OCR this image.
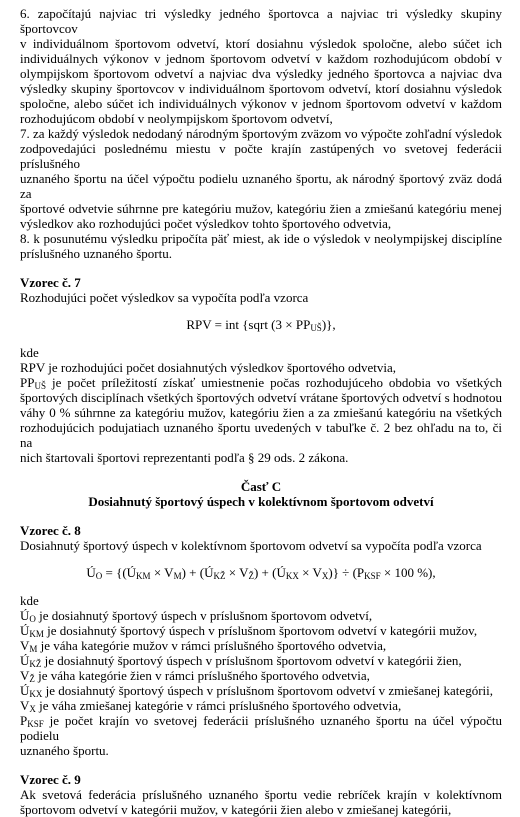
6. započítajú najviac tri výsledky jedného športovca a najviac tri výsledky skupiny športovcov

v individuálnom športovom odvetví, ktorí dosiahnu výsledok spoločne, alebo súčet ich

individuálnych výkonov v jednom športovom odvetví v každom rozhodujúcom období v

olympijskom športovom odvetví a najviac dva výsledky jedného športovca a najviac dva

výsledky skupiny športovcov v individuálnom športovom odvetví, ktorí dosiahnu výsledok

spoločne, alebo súčet ich individuálnych výkonov v jednom športovom odvetví v každom

rozhodujúcom období v neolympijskom športovom odvetví,

7. za každý výsledok nedodaný národným športovým zväzom vo výpočte zohľadní výsledok

zodpovedajúci poslednému miestu v počte krajín zastúpených vo svetovej federácii príslušného

uznaného športu na účel výpočtu podielu uznaného športu, ak národný športový zväz dodá za

športové odvetvie súhrnne pre kategóriu mužov, kategóriu žien a zmiešanú kategóriu menej

výsledkov ako rozhodujúci počet výsledkov tohto športového odvetvia,

8. k posunutému výsledku pripočíta päť miest, ak ide o výsledok v neolympijskej disciplíne

príslušného uznaného športu.

Vzorec č. 7

Rozhodujúci počet výsledkov sa vypočíta podľa vzorca

RPV = int {sqrt $(3 \times PP_{UŠ})$},

kde

RPV je rozhodujúci počet dosiahnutých výsledkov športového odvetvia,

$PP_{UŠ}$ je počet príležitostí získať umiestnenie počas rozhodujúceho obdobia vo všetkých

športových disciplínach všetkých športových odvetví vrátane športových odvetví s hodnotou

váhy 0 % súhrnne za kategóriu mužov, kategóriu žien a za zmiešanú kategóriu na všetkých

rozhodujúcich podujatiach uznaného športu uvedených v tabuľke č. 2 bez ohľadu na to, či na

nich štartovali športovi reprezentanti podľa § 29 ods. 2 zákona.

Časť C

Dosiahnutý športový úspech v kolektívnom športovom odvetví

Vzorec č. 8

Dosiahnutý športový úspech v kolektívnom športovom odvetví sa vypočíta podľa vzorca

$Ú_O$ = {$(Ú_{KM} \times V_M)$ + $(Ú_{KŽ} \times V_Ž)$ + $(Ú_{KX} \times V_X)\} \div (P_{KSF} \times 100$ %),

kde

$Ú_O$ je dosiahnutý športový úspech v príslušnom športovom odvetví,

$Ú_{KM}$ je dosiahnutý športový úspech v príslušnom športovom odvetví v kategórii mužov,

$V_M$ je váha kategórie mužov v rámci príslušného športového odvetvia,

$Ú_{KŽ}$ je dosiahnutý športový úspech v príslušnom športovom odvetví v kategórii žien,

$V_Ž$ je váha kategórie žien v rámci príslušného športového odvetvia,

$Ú_{KX}$ je dosiahnutý športový úspech v príslušnom športovom odvetví v zmiešanej kategórii,

$V_X$ je váha zmiešanej kategórie v rámci príslušného športového odvetvia,

$P_{KSF}$ je počet krajín vo svetovej federácii príslušného uznaného športu na účel výpočtu podielu

uznaného športu.

Vzorec č. 9

Ak svetová federácia príslušného uznaného športu vedie rebríček krajín v kolektívnom

športovom odvetví v kategórii mužov, v kategórii žien alebo v zmiešanej kategórii,
